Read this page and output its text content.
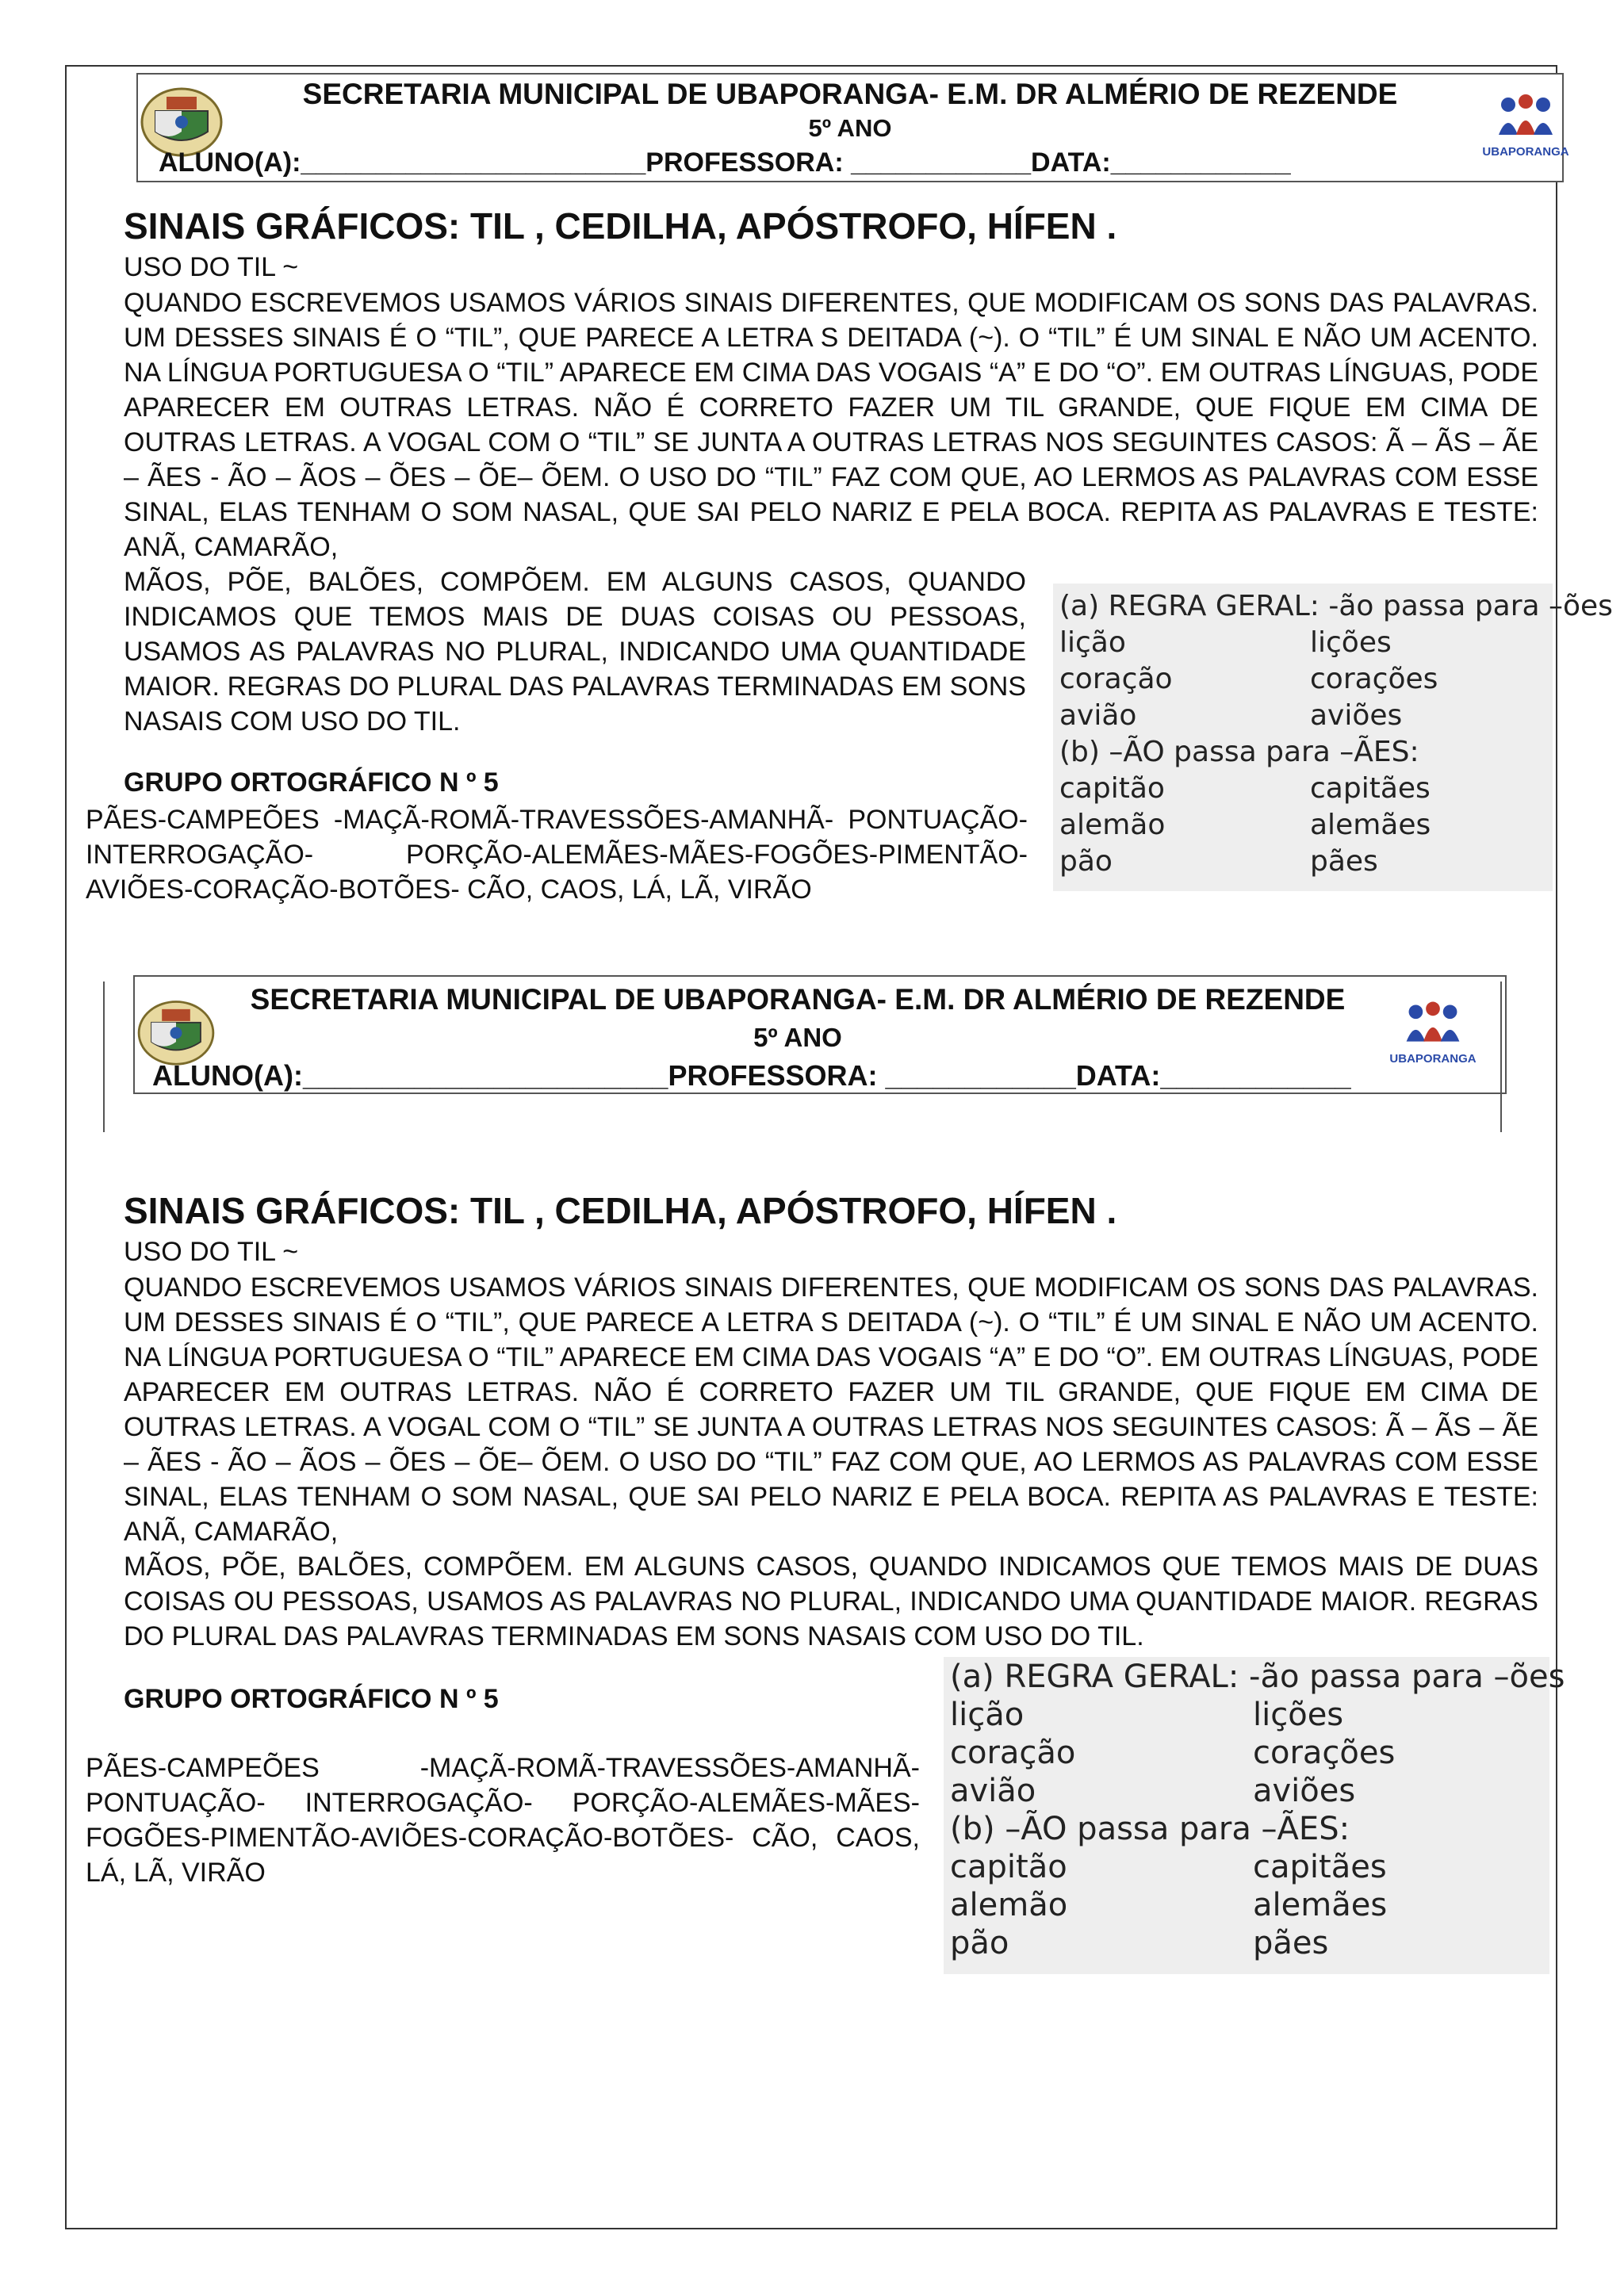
SECRETARIA MUNICIPAL DE UBAPORANGA- E.M. DR ALMÉRIO DE REZENDE
5º ANO
ALUNO(A):_______________________PROFESSORA: ____________DATA:____________	UBAPORANGA
SINAIS GRÁFICOS: TIL , CEDILHA, APÓSTROFO, HÍFEN .
USO DO TIL ~
QUANDO ESCREVEMOS USAMOS VÁRIOS SINAIS DIFERENTES, QUE MODIFICAM OS SONS DAS PALAVRAS. UM DESSES SINAIS É O “TIL”, QUE PARECE A LETRA S DEITADA (~). O “TIL” É UM SINAL E NÃO UM ACENTO. NA LÍNGUA PORTUGUESA O “TIL” APARECE EM CIMA DAS VOGAIS “A” E DO “O”. EM OUTRAS LÍNGUAS, PODE APARECER EM OUTRAS LETRAS. NÃO É CORRETO FAZER UM TIL GRANDE, QUE FIQUE EM CIMA DE OUTRAS LETRAS. A VOGAL COM O “TIL” SE JUNTA A OUTRAS LETRAS NOS SEGUINTES CASOS: Ã – ÃS – ÃE – ÃES - ÃO – ÃOS – ÕES – ÕE– ÕEM. O USO DO “TIL” FAZ COM QUE, AO LERMOS AS PALAVRAS COM ESSE SINAL, ELAS TENHAM O SOM NASAL, QUE SAI PELO NARIZ E PELA BOCA. REPITA AS PALAVRAS E TESTE: ANÃ, CAMARÃO,
MÃOS, PÕE, BALÕES, COMPÕEM. EM ALGUNS CASOS, QUANDO INDICAMOS QUE TEMOS MAIS DE DUAS COISAS OU PESSOAS, USAMOS AS PALAVRAS NO PLURAL, INDICANDO UMA QUANTIDADE MAIOR. REGRAS DO PLURAL DAS PALAVRAS TERMINADAS EM SONS NASAIS COM USO DO TIL.
GRUPO ORTOGRÁFICO N º 5
PÃES-CAMPEÕES -MAÇÃ-ROMÃ-TRAVESSÕES-AMANHÃ- PONTUAÇÃO- INTERROGAÇÃO- PORÇÃO-ALEMÃES-MÃES-FOGÕES-PIMENTÃO-AVIÕES-CORAÇÃO-BOTÕES- CÃO, CAOS, LÁ, LÃ, VIRÃO
(a) REGRA GERAL: -ão passa para –ões
lição	lições
coração	corações
avião	aviões
(b) –ÃO passa para –ÃES:
capitão	capitães
alemão	alemães
pão	pães
SECRETARIA MUNICIPAL DE UBAPORANGA- E.M. DR ALMÉRIO DE REZENDE
5º ANO
ALUNO(A):_______________________PROFESSORA: ____________DATA:____________
UBAPORANGA
SINAIS GRÁFICOS: TIL , CEDILHA, APÓSTROFO, HÍFEN .
USO DO TIL ~
QUANDO ESCREVEMOS USAMOS VÁRIOS SINAIS DIFERENTES, QUE MODIFICAM OS SONS DAS PALAVRAS. UM DESSES SINAIS É O “TIL”, QUE PARECE A LETRA S DEITADA (~). O “TIL” É UM SINAL E NÃO UM ACENTO. NA LÍNGUA PORTUGUESA O “TIL” APARECE EM CIMA DAS VOGAIS “A” E DO “O”. EM OUTRAS LÍNGUAS, PODE APARECER EM OUTRAS LETRAS. NÃO É CORRETO FAZER UM TIL GRANDE, QUE FIQUE EM CIMA DE OUTRAS LETRAS. A VOGAL COM O “TIL” SE JUNTA A OUTRAS LETRAS NOS SEGUINTES CASOS: Ã – ÃS – ÃE – ÃES - ÃO – ÃOS – ÕES – ÕE– ÕEM. O USO DO “TIL” FAZ COM QUE, AO LERMOS AS PALAVRAS COM ESSE SINAL, ELAS TENHAM O SOM NASAL, QUE SAI PELO NARIZ E PELA BOCA. REPITA AS PALAVRAS E TESTE: ANÃ, CAMARÃO,
MÃOS, PÕE, BALÕES, COMPÕEM. EM ALGUNS CASOS, QUANDO INDICAMOS QUE TEMOS MAIS DE DUAS COISAS OU PESSOAS, USAMOS AS PALAVRAS NO PLURAL, INDICANDO UMA QUANTIDADE MAIOR. REGRAS DO PLURAL DAS PALAVRAS TERMINADAS EM SONS NASAIS COM USO DO TIL.
GRUPO ORTOGRÁFICO N º 5
PÃES-CAMPEÕES -MAÇÃ-ROMÃ-TRAVESSÕES-AMANHÃ- PONTUAÇÃO- INTERROGAÇÃO- PORÇÃO-ALEMÃES-MÃES-FOGÕES-PIMENTÃO-AVIÕES-CORAÇÃO-BOTÕES- CÃO, CAOS, LÁ, LÃ, VIRÃO
(a) REGRA GERAL: -ão passa para –ões
lição	lições
coração	corações
avião	aviões
(b) –ÃO passa para –ÃES:
capitão	capitães
alemão	alemães
pão	pães
